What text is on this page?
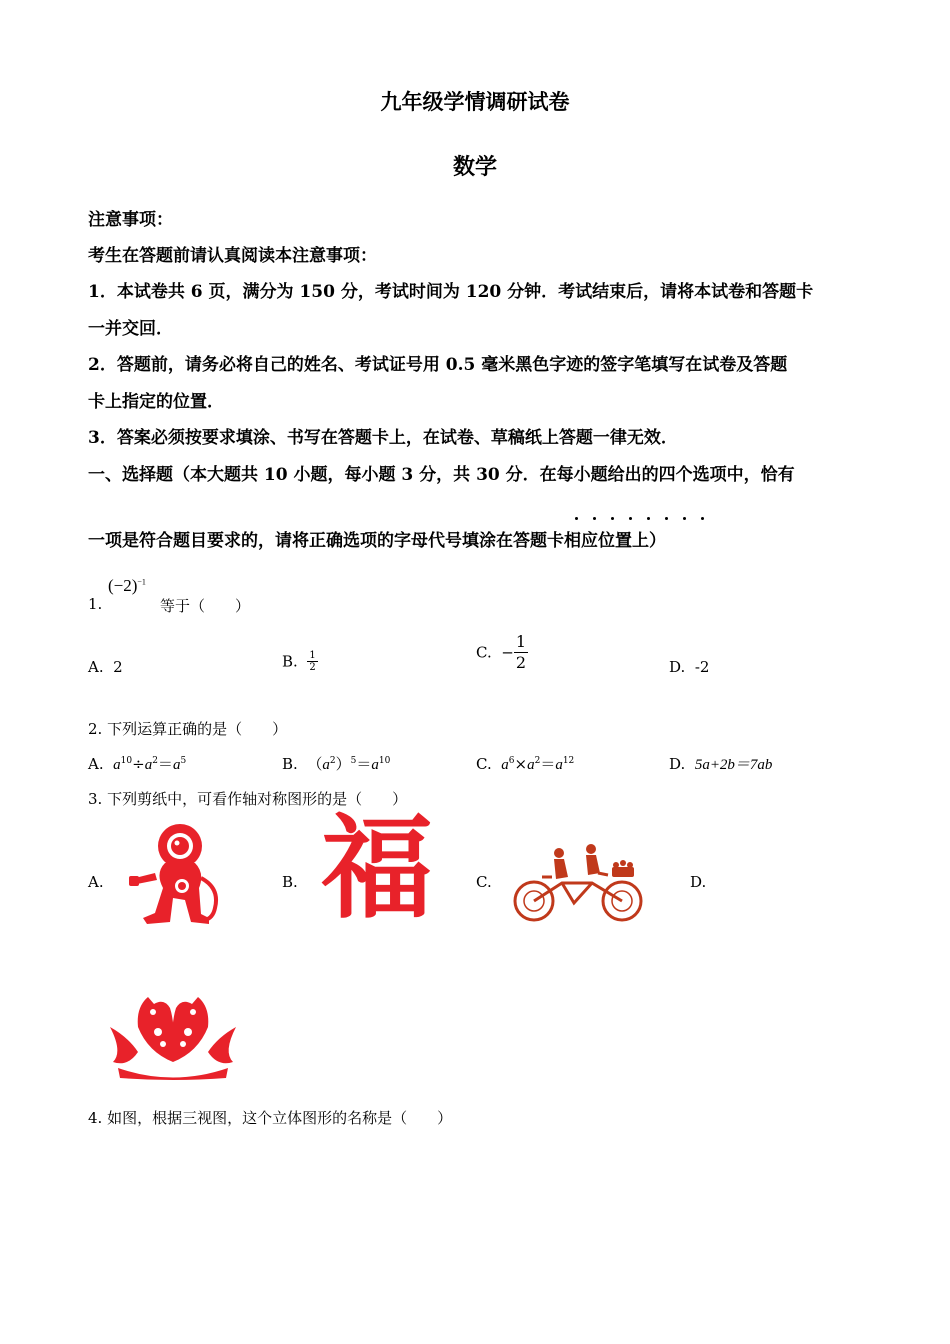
九年级学情调研试卷
数学
注意事项：
考生在答题前请认真阅读本注意事项：
1．本试卷共 6 页，满分为 150 分，考试时间为 120 分钟．考试结束后，请将本试卷和答题卡
一并交回．
2．答题前，请务必将自己的姓名、考试证号用 0.5 毫米黑色字迹的签字笔填写在试卷及答题
卡上指定的位置．
3．答案必须按要求填涂、书写在答题卡上，在试卷、草稿纸上答题一律无效．
一、选择题（本大题共 10 小题，每小题 3 分，共 30 分．在每小题给出的四个选项中，恰有
一项是符合题目要求的，请将正确选项的字母代号填涂在答题卡相应位置上）
1.
$(-2)^{-1}$
等于（　　）
A. 2	B. $\frac{1}{2}$	C. − $\frac{1}{2}$	D. -2
2. 下列运算正确的是（　　）
A. $a^{10}\div a^2=a^5$	B. $(a^2)^5=a^{10}$	C. $a^6\times a^2=a^{12}$	D. 5a+2b＝7ab
3. 下列剪纸中，可看作轴对称图形的是（　　）
A.	B. 福	C.	D.
4. 如图，根据三视图，这个立体图形的名称是（　　）
